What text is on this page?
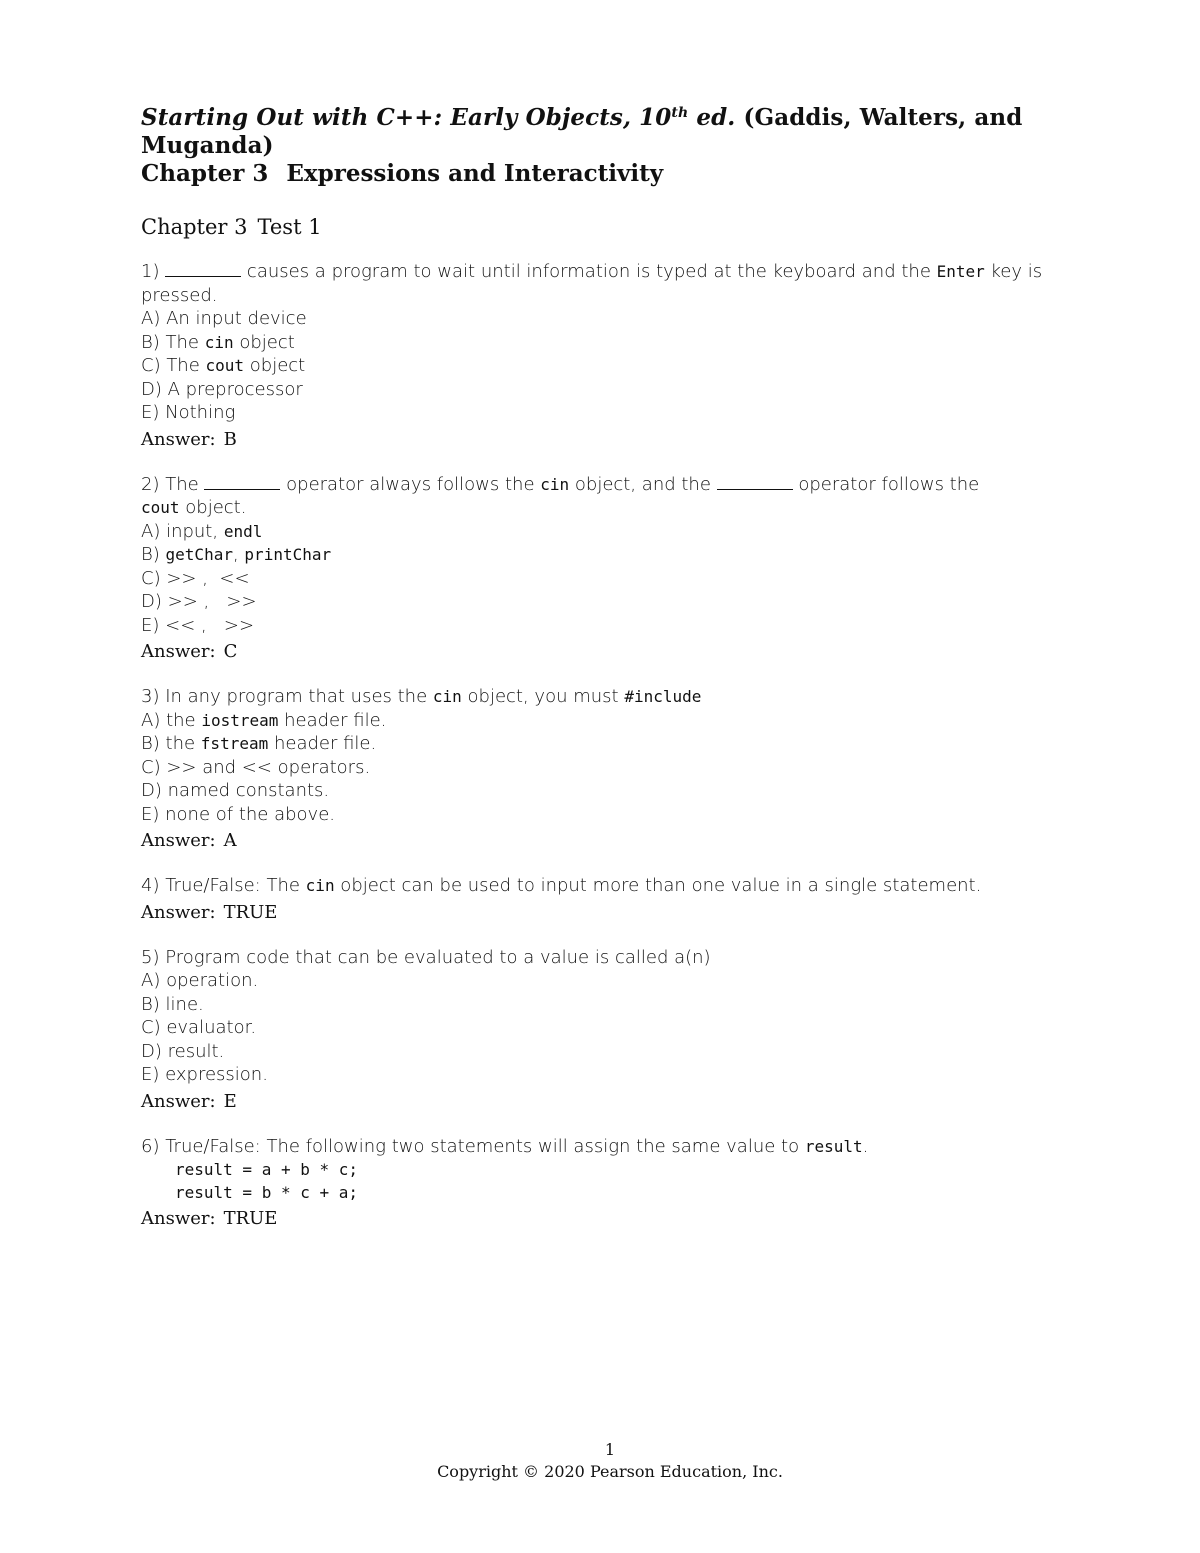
Starting Out with C++: Early Objects, 10th ed. (Gaddis, Walters, and Muganda)

Chapter 3 Expressions and Interactivity

Chapter 3 Test 1

1)	causes a program to wait until information is typed at the keyboard and the Enter key is pressed.

A) An input device

B) The cin object

C) The cout object

D) A preprocessor

E) Nothing

Answer: B

2) The	operator always follows the cin object, and the	operator follows the
cout object.

A) input, endl

B) getChar, printChar

C) >> ,  <<

D) >> ,   >>

E) << ,   >>

Answer: C

3) In any program that uses the cin object, you must #include

A) the iostream header file.

B) the fstream header file.

C) >> and << operators.

D) named constants.

E) none of the above.

Answer: A

4) True/False: The cin object can be used to input more than one value in a single statement.

Answer: TRUE

5) Program code that can be evaluated to a value is called a(n)

A) operation.

B) line.

C) evaluator.

D) result.

E) expression.

Answer: E

6) True/False: The following two statements will assign the same value to result.

result = a + b * c;

result = b * c + a;

Answer: TRUE

1
Copyright © 2020 Pearson Education, Inc.
